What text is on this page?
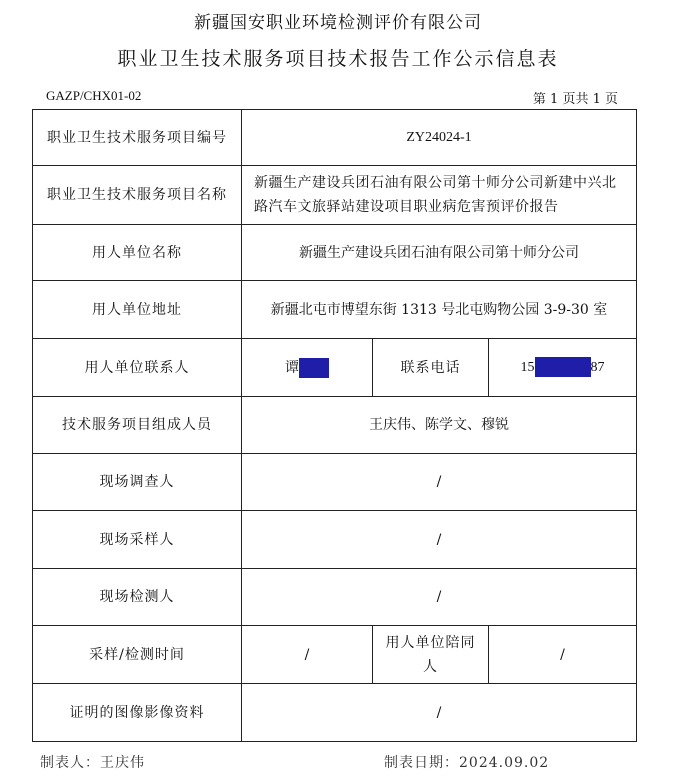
新疆国安职业环境检测评价有限公司
职业卫生技术服务项目技术报告工作公示信息表
GAZP/CHX01-02	第 1 页共 1 页
职业卫生技术服务项目编号	ZY24024-1		
职业卫生技术服务项目名称	新疆生产建设兵团石油有限公司第十师分公司新建中兴北路汽车文旅驿站建设项目职业病危害预评价报告		
用人单位名称	新疆生产建设兵团石油有限公司第十师分公司		
用人单位地址	新疆北屯市博望东街 1313 号北屯购物公园 3-9-30 室		
用人单位联系人	谭	联系电话	15 87
技术服务项目组成人员	王庆伟、陈学文、穆锐		
现场调查人	/		
现场采样人	/		
现场检测人	/		
采样/检测时间	/	用人单位陪同人	/
证明的图像影像资料	/		
制表人：王庆伟	制表日期：2024.09.02
